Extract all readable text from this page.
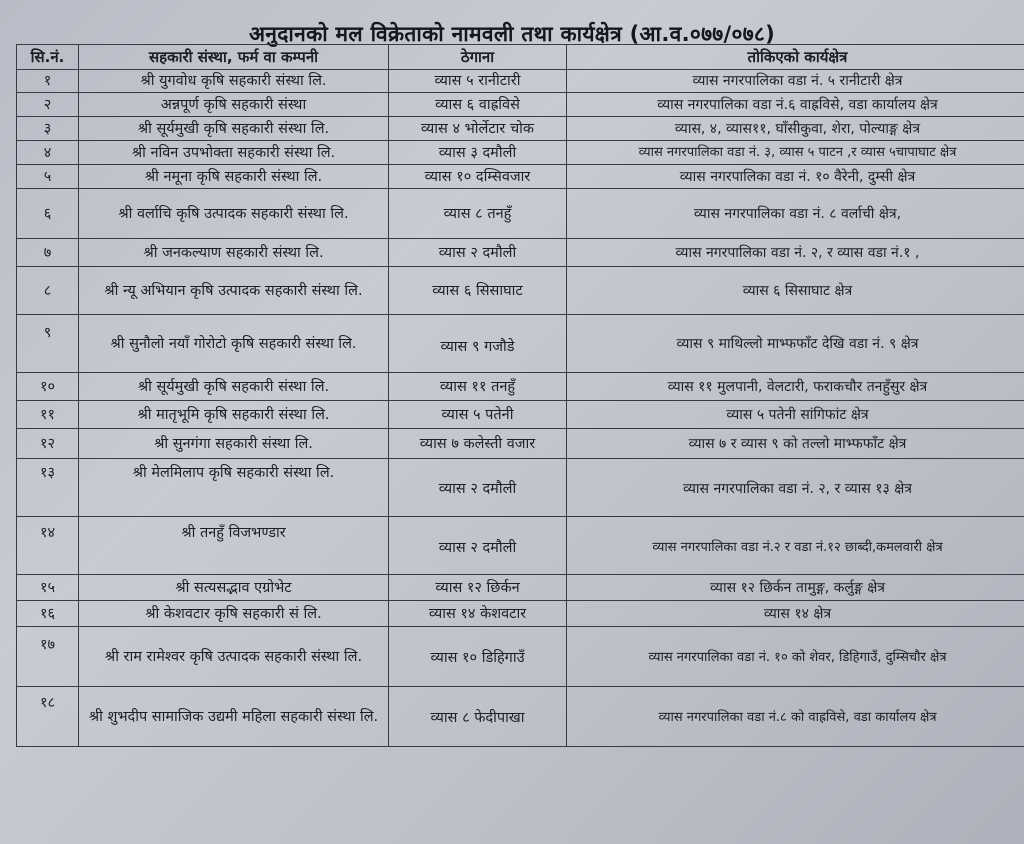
अनुदानको मल विक्रेताको नामवली तथा कार्यक्षेत्र (आ.व.०७७/०७८)
सि.नं.	सहकारी संस्था, फर्म वा कम्पनी	ठेगाना	तोकिएको कार्यक्षेत्र
१	श्री युगवोध कृषि सहकारी संस्था लि.	व्यास ५ रानीटारी	व्यास नगरपालिका वडा नं. ५ रानीटारी क्षेत्र
२	अन्नपूर्ण कृषि सहकारी संस्था	व्यास ६ वाह्रविसे	व्यास नगरपालिका वडा नं.६ वाह्रविसे, वडा कार्यालय क्षेत्र
३	श्री सूर्यमुखी कृषि सहकारी संस्था लि.	व्यास ४ भोर्लेटार चोक	व्यास, ४, व्यास११, घाँसीकुवा, शेरा, पोल्याङ्ग क्षेत्र
४	श्री नविन उपभोक्ता सहकारी संस्था लि.	व्यास ३ दमौली	व्यास नगरपालिका वडा नं. ३, व्यास ५ पाटन ,र व्यास ५चापाघाट क्षेत्र
५	श्री नमूना कृषि सहकारी संस्था लि.	व्यास १० दम्सिवजार	व्यास नगरपालिका वडा नं. १० वैरेनी, दुम्सी क्षेत्र
६	श्री वर्लाचि कृषि उत्पादक सहकारी संस्था लि.	व्यास ८ तनहुँ	व्यास नगरपालिका वडा नं. ८ वर्लाची क्षेत्र,
७	श्री जनकल्याण सहकारी संस्था लि.	व्यास २ दमौली	व्यास नगरपालिका वडा नं. २, र व्यास वडा नं.१ ,
८	श्री न्यू अभियान कृषि उत्पादक सहकारी संस्था लि.	व्यास ६ सिसाघाट	व्यास ६ सिसाघाट क्षेत्र
९	श्री सुनौलो नयाँ गोरोटो कृषि सहकारी संस्था लि.	व्यास ९ गजौडे	व्यास ९ माथिल्लो माभ्फफाँट देखि वडा नं. ९ क्षेत्र
१०	श्री सूर्यमुखी कृषि सहकारी संस्था लि.	व्यास ११ तनहुँ	व्यास ११ मुलपानी, वेलटारी, फराकचौर तनहुँसुर क्षेत्र
११	श्री मातृभूमि कृषि सहकारी संस्था लि.	व्यास ५ पतेनी	व्यास ५ पतेनी सांगिफांट क्षेत्र
१२	श्री सुनगंगा सहकारी संस्था लि.	व्यास ७ कलेस्ती वजार	व्यास ७ र व्यास ९ को तल्लो माभ्फफाँट क्षेत्र
१३	श्री मेलमिलाप कृषि सहकारी संस्था लि.	व्यास २ दमौली	व्यास नगरपालिका वडा नं. २, र व्यास १३ क्षेत्र
१४	श्री तनहुँ विजभण्डार	व्यास २ दमौली	व्यास नगरपालिका वडा नं.२ र वडा नं.१२ छाब्दी,कमलवारी क्षेत्र
१५	श्री सत्यसद्भाव एग्रोभेट	व्यास १२ छिर्कन	व्यास १२ छिर्कन तामुङ्ग, कर्लुङ्ग क्षेत्र
१६	श्री केशवटार कृषि सहकारी सं लि.	व्यास १४ केशवटार	व्यास १४ क्षेत्र
१७	श्री राम रामेश्वर कृषि उत्पादक सहकारी संस्था लि.	व्यास १० डिहिगाउँ	व्यास नगरपालिका वडा नं. १० को शेवर, डिहिगाउँ, दुम्सिचौर क्षेत्र
१८	श्री शुभदीप सामाजिक उद्यमी महिला सहकारी संस्था लि.	व्यास ८ फेदीपाखा	व्यास नगरपालिका वडा नं.८ को वाह्रविसे, वडा कार्यालय क्षेत्र
